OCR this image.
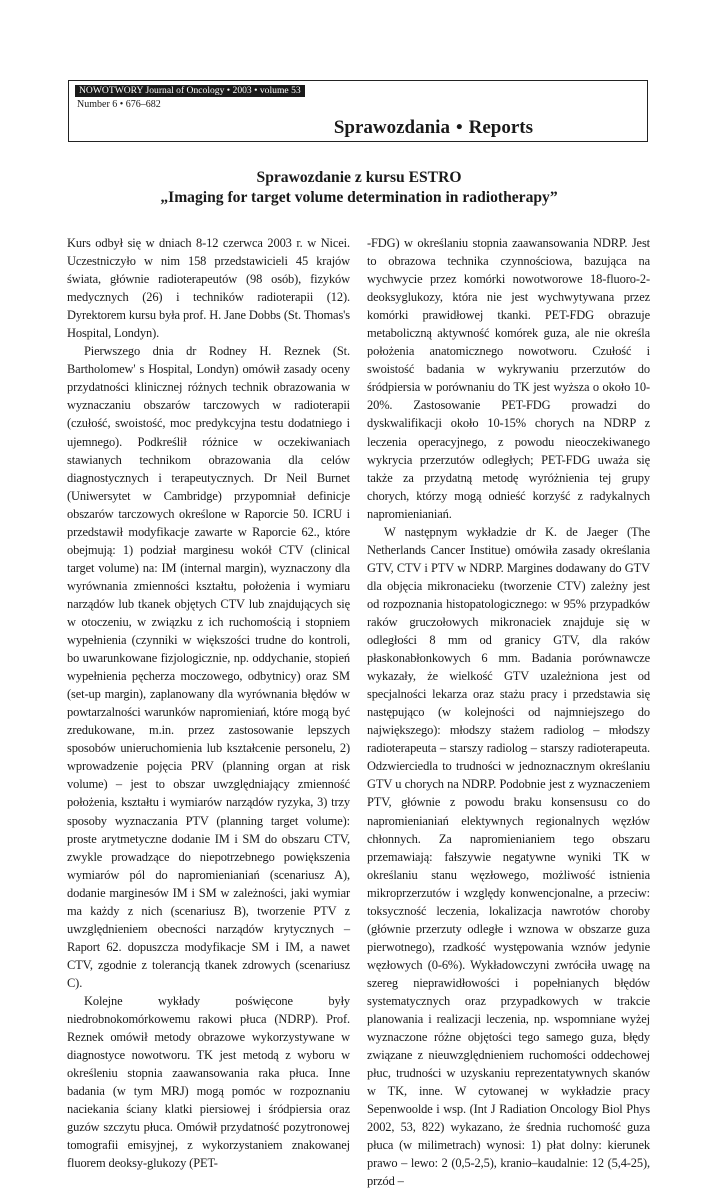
NOWOTWORY Journal of Oncology • 2003 • volume 53
Number 6 • 676–682
Sprawozdania • Reports
Sprawozdanie z kursu ESTRO
„Imaging for target volume determination in radiotherapy”

Kurs odbył się w dniach 8-12 czerwca 2003 r. w Nicei. Uczestniczyło w nim 158 przedstawicieli 45 krajów świata, głównie radioterapeutów (98 osób), fizyków medycznych (26) i techników radioterapii (12). Dyrektorem kursu była prof. H. Jane Dobbs (St. Thomas's Hospital, Londyn).

Pierwszego dnia dr Rodney H. Reznek (St. Bartholomew' s Hospital, Londyn) omówił zasady oceny przydatności klinicznej różnych technik obrazowania w wyznaczaniu obszarów tarczowych w radioterapii (czułość, swoistość, moc predykcyjna testu dodatniego i ujemnego). Podkreślił różnice w oczekiwaniach stawianych technikom obrazowania dla celów diagnostycznych i terapeutycznych. Dr Neil Burnet (Uniwersytet w Cambridge) przypomniał definicje obszarów tarczowych określone w Raporcie 50. ICRU i przedstawił modyfikacje zawarte w Raporcie 62., które obejmują: 1) podział marginesu wokół CTV (clinical target volume) na: IM (internal margin), wyznaczony dla wyrównania zmienności kształtu, położenia i wymiaru narządów lub tkanek objętych CTV lub znajdujących się w otoczeniu, w związku z ich ruchomością i stopniem wypełnienia (czynniki w większości trudne do kontroli, bo uwarunkowane fizjologicznie, np. oddychanie, stopień wypełnienia pęcherza moczowego, odbytnicy) oraz SM (set-up margin), zaplanowany dla wyrównania błędów w powtarzalności warunków napromieniań, które mogą być zredukowane, m.in. przez zastosowanie lepszych sposobów unieruchomienia lub kształcenie personelu, 2) wprowadzenie pojęcia PRV (planning organ at risk volume) – jest to obszar uwzględniający zmienność położenia, kształtu i wymiarów narządów ryzyka, 3) trzy sposoby wyznaczania PTV (planning target volume): proste arytmetyczne dodanie IM i SM do obszaru CTV, zwykle prowadzące do niepotrzebnego powiększenia wymiarów pól do napromienianiań (scenariusz A), dodanie marginesów IM i SM w zależności, jaki wymiar ma każdy z nich (scenariusz B), tworzenie PTV z uwzględnieniem obecności narządów krytycznych – Raport 62. dopuszcza modyfikacje SM i IM, a nawet CTV, zgodnie z tolerancją tkanek zdrowych (scenariusz C).

Kolejne wykłady poświęcone były niedrobnokomórkowemu rakowi płuca (NDRP). Prof. Reznek omówił metody obrazowe wykorzystywane w diagnostyce nowotworu. TK jest metodą z wyboru w określeniu stopnia zaawansowania raka płuca. Inne badania (w tym MRJ) mogą pomóc w rozpoznaniu naciekania ściany klatki piersiowej i śródpiersia oraz guzów szczytu płuca. Omówił przydatność pozytronowej tomografii emisyjnej, z wykorzystaniem znakowanej fluorem deoksy-glukozy (PET-

-FDG) w określaniu stopnia zaawansowania NDRP. Jest to obrazowa technika czynnościowa, bazująca na wychwycie przez komórki nowotworowe 18-fluoro-2-deoksyglukozy, która nie jest wychwytywana przez komórki prawidłowej tkanki. PET-FDG obrazuje metaboliczną aktywność komórek guza, ale nie określa położenia anatomicznego nowotworu. Czułość i swoistość badania w wykrywaniu przerzutów do śródpiersia w porównaniu do TK jest wyższa o około 10-20%. Zastosowanie PET-FDG prowadzi do dyskwalifikacji około 10-15% chorych na NDRP z leczenia operacyjnego, z powodu nieoczekiwanego wykrycia przerzutów odległych; PET-FDG uważa się także za przydatną metodę wyróżnienia tej grupy chorych, którzy mogą odnieść korzyść z radykalnych napromienianiań.

W następnym wykładzie dr K. de Jaeger (The Netherlands Cancer Institue) omówiła zasady określania GTV, CTV i PTV w NDRP. Margines dodawany do GTV dla objęcia mikronacieku (tworzenie CTV) zależny jest od rozpoznania histopatologicznego: w 95% przypadków raków gruczołowych mikronaciek znajduje się w odległości 8 mm od granicy GTV, dla raków płaskonabłonkowych 6 mm. Badania porównawcze wykazały, że wielkość GTV uzależniona jest od specjalności lekarza oraz stażu pracy i przedstawia się następująco (w kolejności od najmniejszego do największego): młodszy stażem radiolog – młodszy radioterapeuta – starszy radiolog – starszy radioterapeuta. Odzwierciedla to trudności w jednoznacznym określaniu GTV u chorych na NDRP. Podobnie jest z wyznaczeniem PTV, głównie z powodu braku konsensusu co do napromienianiań elektywnych regionalnych węzłów chłonnych. Za napromienianiem tego obszaru przemawiają: fałszywie negatywne wyniki TK w określaniu stanu węzłowego, możliwość istnienia mikroprzerzutów i względy konwencjonalne, a przeciw: toksyczność leczenia, lokalizacja nawrotów choroby (głównie przerzuty odległe i wznowa w obszarze guza pierwotnego), rzadkość występowania wznów jedynie węzłowych (0-6%). Wykładowczyni zwróciła uwagę na szereg nieprawidłowości i popełnianych błędów systematycznych oraz przypadkowych w trakcie planowania i realizacji leczenia, np. wspomniane wyżej wyznaczone różne objętości tego samego guza, błędy związane z nieuwzględnieniem ruchomości oddechowej płuc, trudności w uzyskaniu reprezentatywnych skanów w TK, inne. W cytowanej w wykładzie pracy Sepenwoolde i wsp. (Int J Radiation Oncology Biol Phys 2002, 53, 822) wykazano, że średnia ruchomość guza płuca (w milimetrach) wynosi: 1) płat dolny: kierunek prawo – lewo: 2 (0,5-2,5), kranio–kaudalnie: 12 (5,4-25), przód –
